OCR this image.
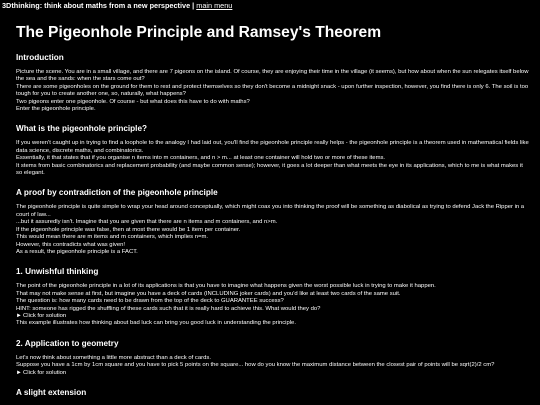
3Dthinking: think about maths from a new perspective | main menu
The Pigeonhole Principle and Ramsey's Theorem
Introduction

Picture the scene. You are in a small village, and there are 7 pigeons on the island. Of course, they are enjoying their time in the village (it seems), but how about when the sun relegates itself below the sea and the sands: when the stars come out?

There are some pigeonholes on the ground for them to rest and protect themselves so they don't become a midnight snack - upon further inspection, however, you find there is only 6. The soil is too tough for you to create another one, so, naturally, what happens?

Two pigeons enter one pigeonhole. Of course - but what does this have to do with maths?

Enter the pigeonhole principle.

What is the pigeonhole principle?

If you weren't caught up in trying to find a loophole to the analogy I had laid out, you'll find the pigeonhole principle really helps - the pigeonhole principle is a theorem used in mathematical fields like data science, discrete maths, and combinatorics.

Essentially, it that states that if you organise n items into m containers, and n > m... at least one container will hold two or more of these items.

It stems from basic combinatorics and replacement probability (and maybe common sense); however, it goes a lot deeper than what meets the eye in its applications, which to me is what makes it so elegant.

A proof by contradiction of the pigeonhole principle

The pigeonhole principle is quite simple to wrap your head around conceptually, which might coax you into thinking the proof will be something as diabolical as trying to defend Jack the Ripper in a court of law...

...but it assuredly isn't. Imagine that you are given that there are n items and m containers, and n>m.

If the pigeonhole principle was false, then at most there would be 1 item per container.

This would mean there are m items and m containers, which implies n=m.

However, this contradicts what was given!

As a result, the pigeonhole principle is a FACT.

1. Unwishful thinking

The point of the pigeonhole principle in a lot of its applications is that you have to imagine what happens given the worst possible luck in trying to make it happen.

That may not make sense at first, but imagine you have a deck of cards (INCLUDING joker cards) and you'd like at least two cards of the same suit.

The question is: how many cards need to be drawn from the top of the deck to GUARANTEE success?

HINT: someone has rigged the shuffling of these cards such that it is really hard to achieve this. What would they do?

►Click for solution

This example illustrates how thinking about bad luck can bring you good luck in understanding the principle.

2. Application to geometry

Let's now think about something a little more abstract than a deck of cards.

Suppose you have a 1cm by 1cm square and you have to pick 5 points on the square... how do you know the maximum distance between the closest pair of points will be sqrt(2)/2 cm?

►Click for solution
A slight extension
